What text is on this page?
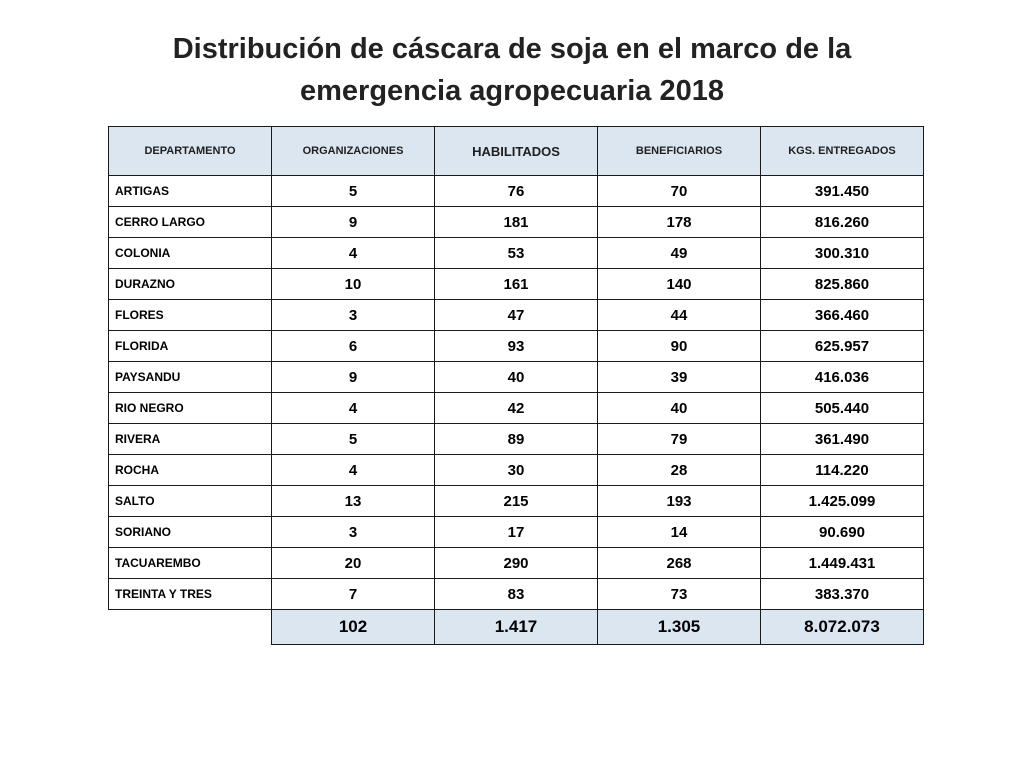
Distribución de cáscara de soja en el marco de la
emergencia agropecuaria 2018
DEPARTAMENTO	ORGANIZACIONES	HABILITADOS	BENEFICIARIOS	KGS. ENTREGADOS
ARTIGAS	5	76	70	391.450
CERRO LARGO	9	181	178	816.260
COLONIA	4	53	49	300.310
DURAZNO	10	161	140	825.860
FLORES	3	47	44	366.460
FLORIDA	6	93	90	625.957
PAYSANDU	9	40	39	416.036
RIO NEGRO	4	42	40	505.440
RIVERA	5	89	79	361.490
ROCHA	4	30	28	114.220
SALTO	13	215	193	1.425.099
SORIANO	3	17	14	90.690
TACUAREMBO	20	290	268	1.449.431
TREINTA Y TRES	7	83	73	383.370
	102	1.417	1.305	8.072.073
